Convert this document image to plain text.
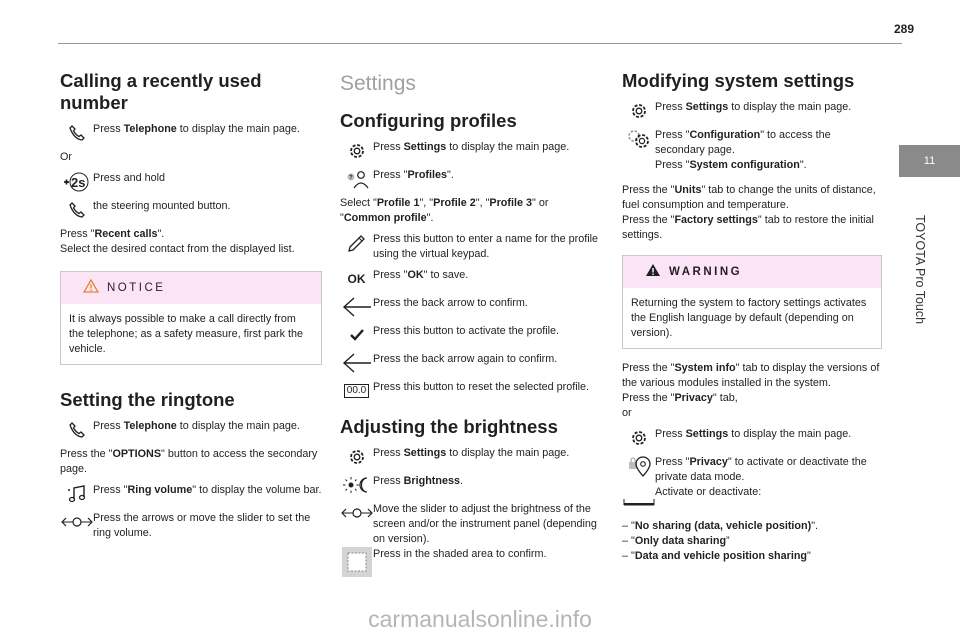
289
11
TOYOTA Pro Touch
Calling a recently used number
Press Telephone to display the main page.

Or

2s Press and hold
the steering mounted button.

Press "Recent calls".
Select the desired contact from the displayed list.

NOTICE
It is always possible to make a call directly from the telephone; as a safety measure, first park the vehicle.
Setting the ringtone
Press Telephone to display the main page.

Press the "OPTIONS" button to access the secondary page.

Press "Ring volume" to display the volume bar.
Press the arrows or move the slider to set the ring volume.
Settings
Configuring profiles
Press Settings to display the main page.
? Press "Profiles".

Select "Profile 1", "Profile 2", "Profile 3" or "Common profile".

Press this button to enter a name for the profile using the virtual keypad.
OK Press "OK" to save.
Press the back arrow to confirm.
Press this button to activate the profile.
Press the back arrow again to confirm.
00.0 Press this button to reset the selected profile.
Adjusting the brightness
Press Settings to display the main page.
Press Brightness.
Move the slider to adjust the brightness of the screen and/or the instrument panel (depending on version).
Press in the shaded area to confirm.
Modifying system settings
Press Settings to display the main page.
Press "Configuration" to access the secondary page.
Press "System configuration".

Press the "Units" tab to change the units of distance, fuel consumption and temperature.
Press the "Factory settings" tab to restore the initial settings.

WARNING
Returning the system to factory settings activates the English language by default (depending on version).

Press the "System info" tab to display the versions of the various modules installed in the system.
Press the "Privacy" tab,
or

Press Settings to display the main page.
Press "Privacy" to activate or deactivate the private data mode.
Activate or deactivate:
– "No sharing (data, vehicle position)".
– "Only data sharing”
– "Data and vehicle position sharing"
carmanualsonline.info
